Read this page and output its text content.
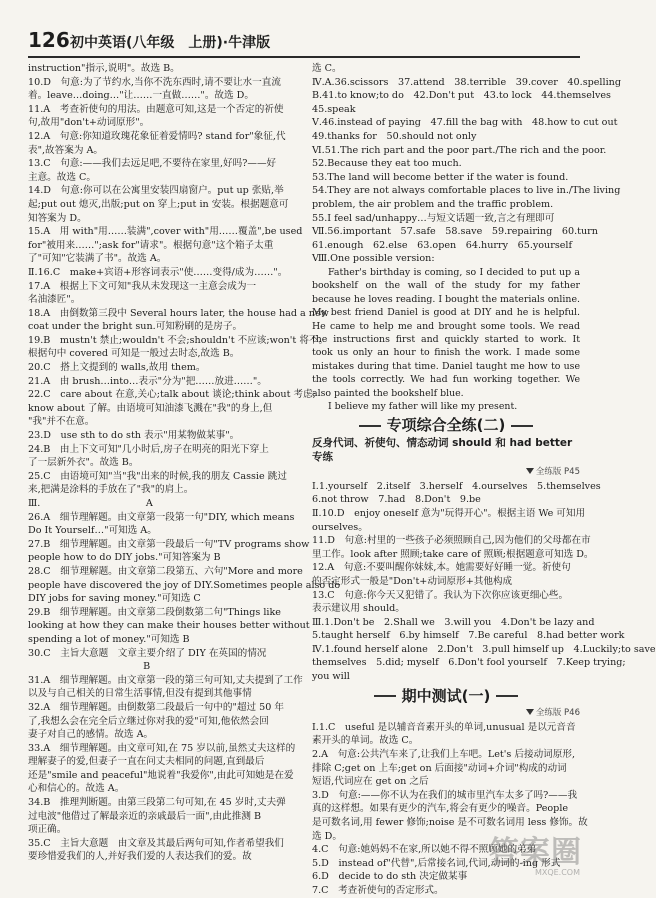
126 初中英语(八年级　上册)·牛津版
instruction"指示,说明"。故选 B。
10.D　句意:为了节约水,当你不洗东西时,请不要让水一直流
着。leave…doing…"让……一直做……"。故选 D。
11.A　考查祈使句的用法。由题意可知,这是一个否定的祈使
句,故用"don't+动词原形"。
12.A　句意:你知道玫瑰花象征着爱情吗? stand for"象征,代
表",故答案为 A。
13.C　句意:——我们去远足吧,不要待在家里,好吗?——好
主意。故选 C。
14.D　句意:你可以在公寓里安装四扇窗户。put up 张贴,举
起;put out 熄灭,出版;put on 穿上;put in 安装。根据题意可
知答案为 D。
15.A　用 with"用……装满",cover with"用……覆盖",be used
for"被用来……";ask for"请求"。根据句意"这个箱子太重
了"可知"它装满了书"。故选 A。
Ⅱ.16.C　make+宾语+形容词表示"使……变得/成为……"。
17.A　根据上下文可知"我从未发现这一主意会成为一
名油漆匠"。
18.A　由倒数第三段中 Several hours later, the house had a new
coat under the bright sun.可知粉刷的是房子。
19.B　mustn't 禁止;wouldn't 不会;shouldn't 不应该;won't 将不。
根据句中 covered 可知是一般过去时态,故选 B。
20.C　搭上文提到的 walls,故用 them。
21.A　由 brush…into…表示"分为"把……放进……"。
22.C　care about 在意,关心;talk about 谈论;think about 考虑;
know about 了解。由语境可知油漆飞溅在"我"的身上,但
"我"并不在意。
23.D　use sth to do sth 表示"用某物做某事"。
24.B　由上下文可知"几小时后,房子在明亮的阳光下穿上
了一层新外衣"。故选 B。
25.C　由语境可知"当"我"出来的时候,我的朋友 Cassie 跳过
来,把满是涂料的手放在了"我"的肩上。
Ⅲ.　　　　　　　　　　　A
26.A　细节理解题。由文章第一段第一句"DIY, which means
Do It Yourself…"可知选 A。
27.B　细节理解题。由文章第一段最后一句"TV programs show
people how to do DIY jobs."可知答案为 B
28.C　细节理解题。由文章第二段第五、六句"More and more
people have discovered the joy of DIY.Sometimes people also do
DIY jobs for saving money."可知选 C
29.B　细节理解题。由文章第二段倒数第二句"Things like
looking at how they can make their houses better without
spending a lot of money."可知选 B
30.C　主旨大意题　文章主要介绍了 DIY 在英国的情况
　　　　　　　　　　　　B
31.A　细节理解题。由文章第一段的第三句可知,丈夫提到了工作
以及与自己相关的日常生活事情,但没有提到其他事情
32.A　细节理解题。由倒数第二段最后一句中的"超过 50 年
了,我想么会在完全后立继过你对我的爱"可知,他依然会回
妻子对自己的感情。故选 A。
33.A　细节理解题。由文章可知,在 75 岁以前,虽然丈夫这样的
理解妻子的爱,但妻子一直在问丈夫相同的问题,直到最后
还是"smile and peaceful"地说着"我爱你",由此可知她是在爱
心和信心的。故选 A。
34.B　推理判断题。由第三段第二句可知,在 45 岁时,丈夫弹
过电波"他借过了解最亲近的亲戚最后一面",由此推测 B
项正确。
35.C　主旨大意题　由文章及其最后两句可知,作者希望我们
要珍惜爱我们的人,并好我们爱的人表达我们的爱。故
选 C。
Ⅳ.A.36.scissors　37.attend　38.terrible　39.cover　40.spelling
B.41.to know;to do　42.Don't put　43.to lock　44.themselves
45.speak
Ⅴ.46.instead of paying　47.fill the bag with　48.how to cut out
49.thanks for　50.should not only
Ⅵ.51.The rich part and the poor part./The rich and the poor.
52.Because they eat too much.
53.The land will become better if the water is found.
54.They are not always comfortable places to live in./The living
problem, the air problem and the traffic problem.
55.I feel sad/unhappy…与短文话题一致,言之有理即可
Ⅶ.56.important　57.safe　58.save　59.repairing　60.turn
61.enough　62.else　63.open　64.hurry　65.yourself
Ⅷ.One possible version:

Father's birthday is coming, so I decided to put up a bookshelf on the wall of the study for my father because he loves reading. I bought the materials online. My best friend Daniel is good at DIY and he is helpful. He came to help me and brought some tools. We read the instructions first and quickly started to work. It took us only an hour to finish the work. I made some mistakes during that time. Daniel taught me how to use the tools correctly. We had fun working together. We also painted the bookshelf blue.

I believe my father will like my present.

专项综合全练(二)
反身代词、祈使句、情态动词 should 和 had better 专练
全练版 P45
Ⅰ.1.yourself　2.itself　3.herself　4.ourselves　5.themselves
6.not throw　7.had　8.Don't　9.be
Ⅱ.10.D　enjoy oneself 意为"玩得开心"。根据主语 We 可知用
ourselves。
11.D　句意:村里的一些孩子必须照顾自己,因为他们的父母都在市
里工作。look after 照顾;take care of 照顾;根据题意可知选 D。
12.A　句意:不要叫醒你妹妹,本。她需要好好睡一觉。祈使句
的否定形式一般是"Don't+动词原形+其他构成
13.C　句意:你今天又犯错了。我认为下次你应该更细心些。
表示建议用 should。
Ⅲ.1.Don't be　2.Shall we　3.will you　4.Don't be lazy and
5.taught herself　6.by himself　7.Be careful　8.had better work
Ⅳ.1.found herself alone　2.Don't　3.pull himself up　4.Luckily;to save
themselves　5.did; myself　6.Don't fool yourself　7.Keep trying;
you will
期中测试(一)
全练版 P46
Ⅰ.1.C　useful 是以辅音音素开头的单词,unusual 是以元音音
素开头的单词。故选 C。
2.A　句意:公共汽车来了,让我们上车吧。Let's 后接动词原形,
排除 C;get on 上车;get on 后面接"动词+介词"构成的动词
短语,代词应在 get on 之后
3.D　句意:——你不认为在我们的城市里汽车太多了吗?——我
真的这样想。如果有更少的汽车,将会有更少的噪音。People
是可数名词,用 fewer 修饰;noise 是不可数名词用 less 修饰。故
选 D。
4.C　句意:她妈妈不在家,所以她不得不照顾她的弟弟
5.D　instead of"代替",后常接名词,代词,动词的-ing 形式
6.D　decide to do sth 决定做某事
7.C　考查祈使句的否定形式。
答案圈
MXQE.COM
